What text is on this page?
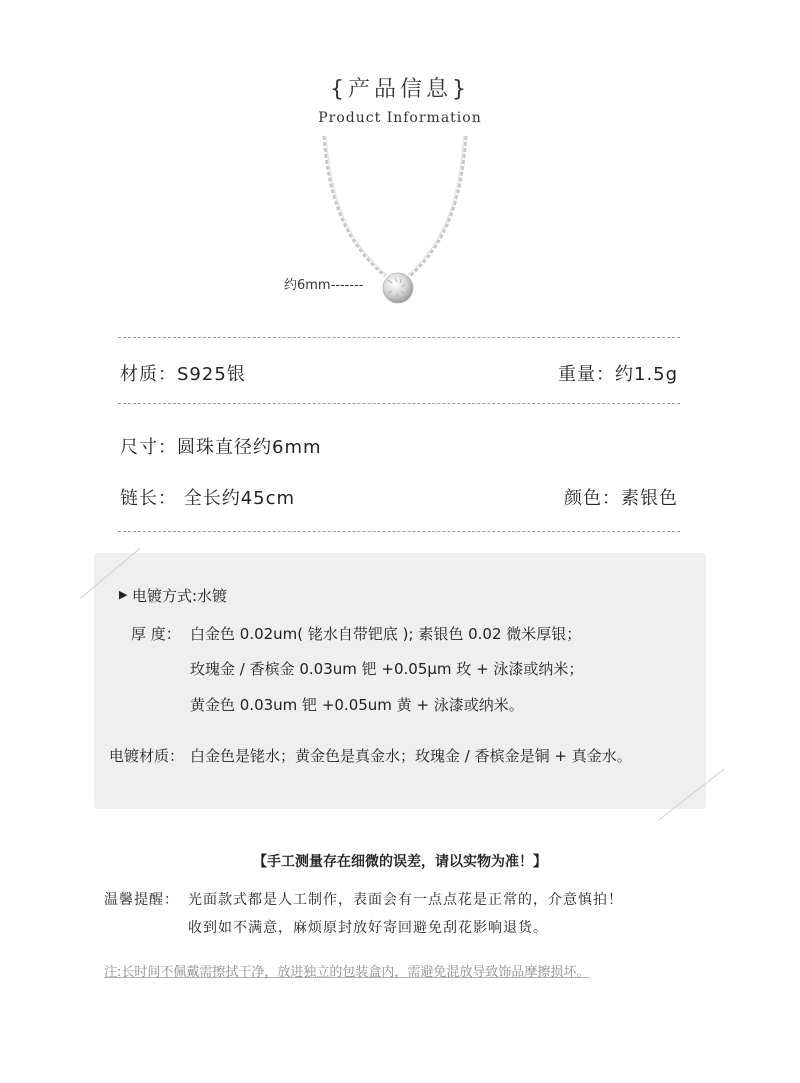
{产品信息}
Product Information
约6mm-------
材质：S925银	重量：约1.5g
尺寸：圆珠直径约6mm
链长： 全长约45cm	颜色：素银色
▶ 电镀方式:水镀
厚 度： 白金色 0.02um( 铑水自带钯底 ); 素银色 0.02 微米厚银；
玫瑰金 / 香槟金 0.03um 钯 +0.05μm 玫 + 泳漆或纳米；
黄金色 0.03um 钯 +0.05um 黄 + 泳漆或纳米。
电镀材质： 白金色是铑水；黄金色是真金水；玫瑰金 / 香槟金是铜 + 真金水。
【手工测量存在细微的误差，请以实物为准！】
温馨提醒： 光面款式都是人工制作，表面会有一点点花是正常的，介意慎拍！
收到如不满意，麻烦原封放好寄回避免刮花影响退货。
注:长时间不佩戴需擦拭干净，放进独立的包装盒内，需避免混放导致饰品摩擦损坏。
